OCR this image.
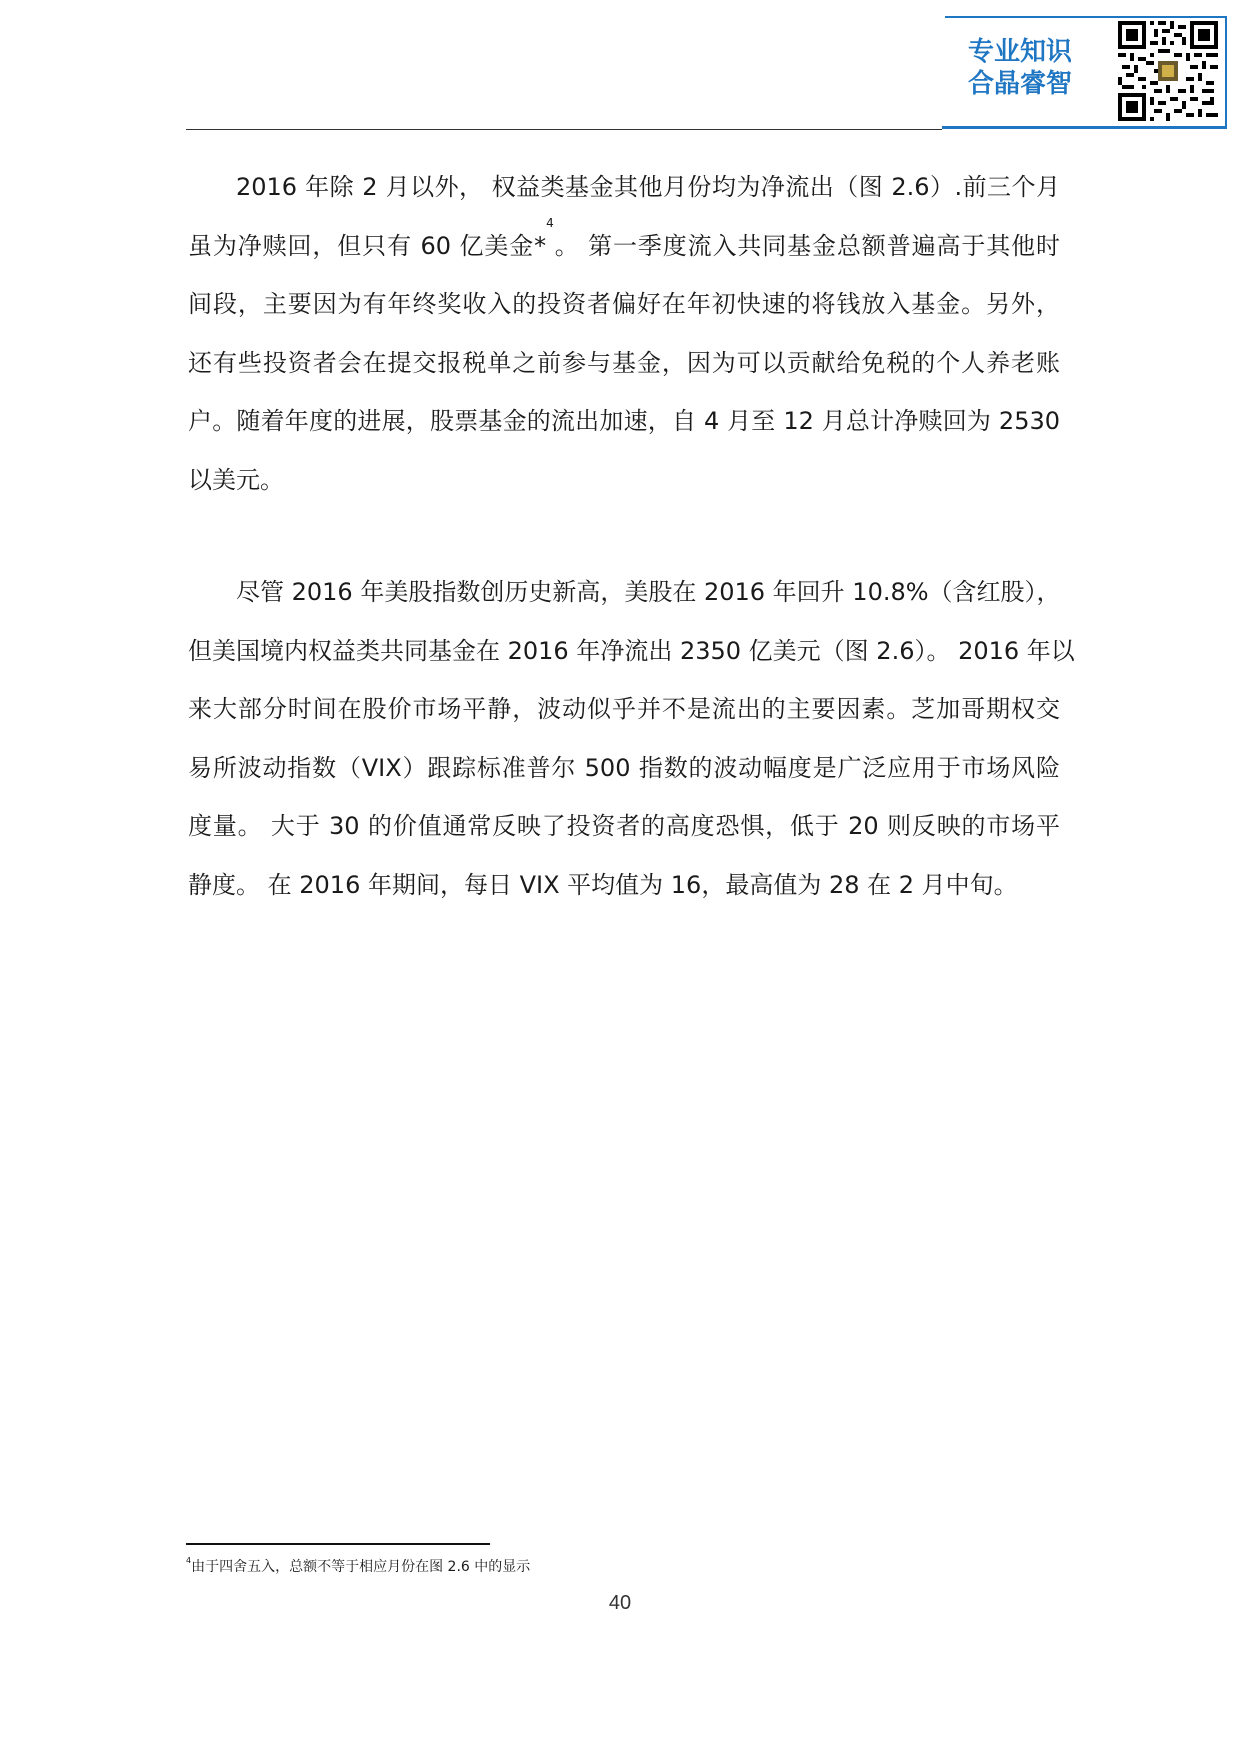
专业知识
合晶睿智
2016 年除 2 月以外， 权益类基金其他月份均为净流出（图 2.6）.前三个月
虽为净赎回，但只有 60 亿美金*$^4$。 第一季度流入共同基金总额普遍高于其他时
间段，主要因为有年终奖收入的投资者偏好在年初快速的将钱放入基金。另外，
还有些投资者会在提交报税单之前参与基金，因为可以贡献给免税的个人养老账
户。随着年度的进展，股票基金的流出加速，自 4 月至 12 月总计净赎回为 2530
以美元。
尽管 2016 年美股指数创历史新高，美股在 2016 年回升 10.8%（含红股），
但美国境内权益类共同基金在 2016 年净流出 2350 亿美元（图 2.6）。 2016 年以
来大部分时间在股价市场平静，波动似乎并不是流出的主要因素。芝加哥期权交
易所波动指数（VIX）跟踪标准普尔 500 指数的波动幅度是广泛应用于市场风险
度量。 大于 30 的价值通常反映了投资者的高度恐惧，低于 20 则反映的市场平
静度。 在 2016 年期间，每日 VIX 平均值为 16，最高值为 28 在 2 月中旬。
$^4$由于四舍五入，总额不等于相应月份在图 2.6 中的显示
40
